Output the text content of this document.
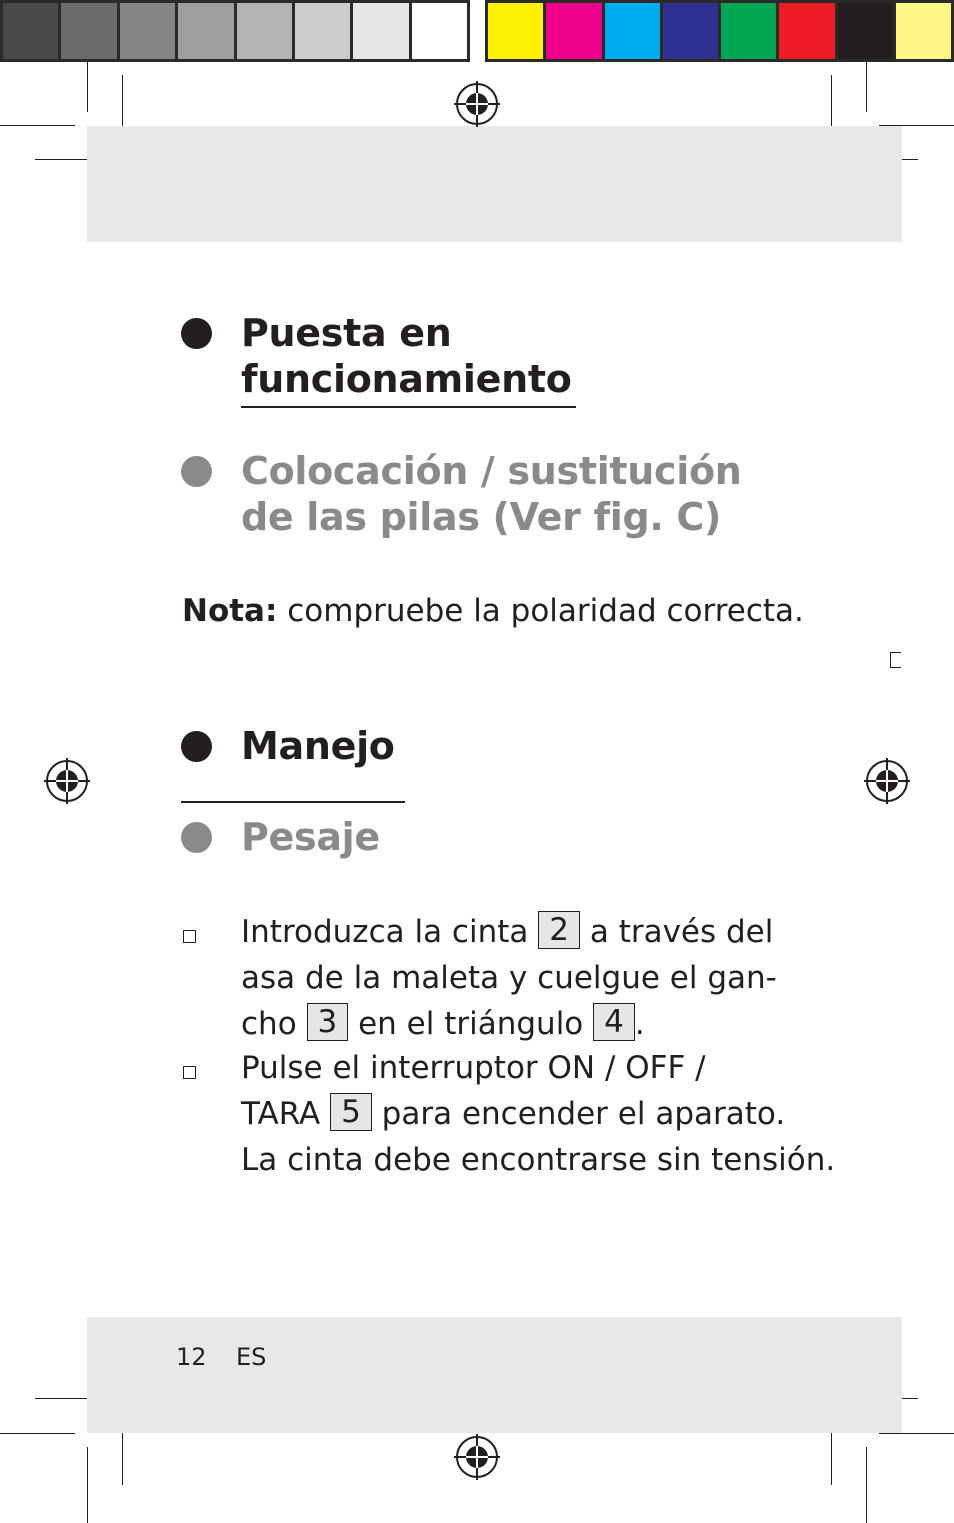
Puesta en
funcionamiento
Colocación / sustitución
de las pilas (Ver fig. C)
Nota: compruebe la polaridad correcta.
Manejo
Pesaje
Introduzca la cinta 2 a través del
asa de la maleta y cuelgue el gan-
cho 3 en el triángulo 4 .
Pulse el interruptor ON / OFF /
TARA 5 para encender el aparato.
La cinta debe encontrarse sin tensión.
12 ES
